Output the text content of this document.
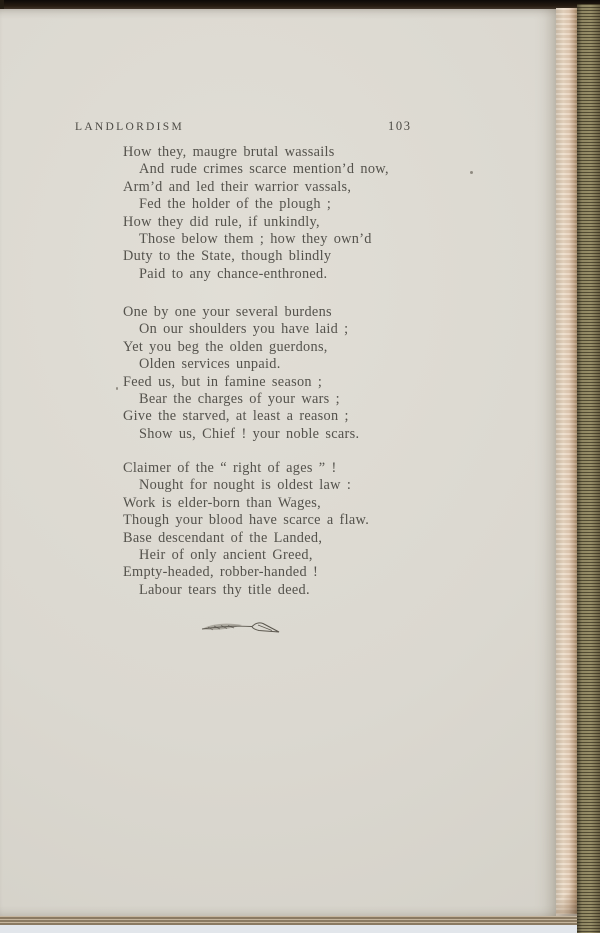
LANDLORDISM	103
How they, maugre brutal wassails
And rude crimes scarce mention’d now,
Arm’d and led their warrior vassals,
Fed the holder of the plough ;
How they did rule, if unkindly,
Those below them ; how they own’d
Duty to the State, though blindly
Paid to any chance-enthroned.
One by one your several burdens
On our shoulders you have laid ;
Yet you beg the olden guerdons,
Olden services unpaid.
Feed us, but in famine season ;
Bear the charges of your wars ;
Give the starved, at least a reason ;
Show us, Chief ! your noble scars.
Claimer of the “ right of ages ” !
Nought for nought is oldest law :
Work is elder-born than Wages,
Though your blood have scarce a flaw.
Base descendant of the Landed,
Heir of only ancient Greed,
Empty-headed, robber-handed !
Labour tears thy title deed.
